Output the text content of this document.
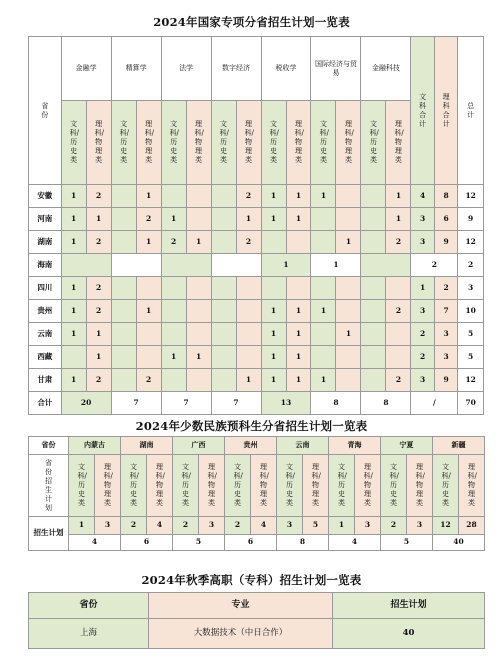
2024年国家专项分省招生计划一览表
省份	金融学		精算学		法学		数字经济		税收学		国际经济与贸易		金融科技		文科合计	理科合计	总计
	文科/历史类	理科/物理类	文科/历史类	理科/物理类	文科/历史类	理科/物理类	文科/历史类	理科/物理类	文科/历史类	理科/物理类	文科/历史类	理科/物理类	文科/历史类	理科/物理类			
安徽	1	2		1				2	1	1	1			1	4	8	12
河南	1	1		2	1			1	1	1				1	3	6	9
湖南	1	2		1	2	1		2				1		2	3	9	12
海南									1		1				2		2
四川	1	2													1	2	3
贵州	1	2		1					1	1	1			2	3	7	10
云南	1	1							1	1		1			2	3	5
西藏		1			1	1			1	1					2	3	5
甘肃	1	2		2				1	1	1	1			2	3	9	12
合计	20		7		7		7		13		8		8		/		70
2024年少数民族预科生分省招生计划一览表
省份	内蒙古		湖南		广西		贵州		云南		青海		宁夏		新疆	
省份招生计划	文科/历史类	理科/物理类	文科/历史类	理科/物理类	文科/历史类	理科/物理类	文科/历史类	理科/物理类	文科/历史类	理科/物理类	文科/历史类	理科/物理类	文科/历史类	理科/物理类	文科/历史类	理科/物理类
招生计划	1	3	2	4	2	3	2	4	3	5	1	3	2	3	12	28
	4		6		5		6		8		4		5		40	
2024年秋季高职（专科）招生计划一览表
省份	专业	招生计划
上海	大数据技术（中日合作）	40
